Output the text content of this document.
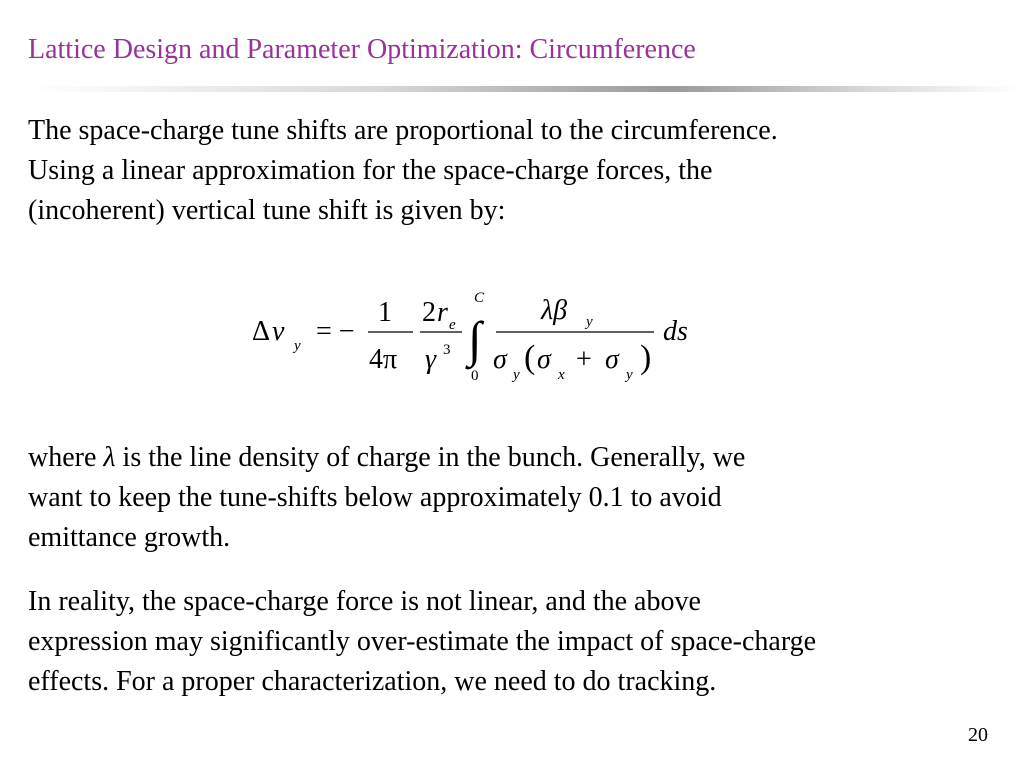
Lattice Design and Parameter Optimization: Circumference

The space-charge tune shifts are proportional to the circumference.
Using a linear approximation for the space-charge forces, the
(incoherent) vertical tune shift is given by:

Δ ν y = −
1
4π
2 r e
γ 3
C
∫
0
λβ y
σ y ( σ x + σ y )
ds

where λ is the line density of charge in the bunch. Generally, we
want to keep the tune-shifts below approximately 0.1 to avoid
emittance growth.

In reality, the space-charge force is not linear, and the above
expression may significantly over-estimate the impact of space-charge
effects. For a proper characterization, we need to do tracking.

20
